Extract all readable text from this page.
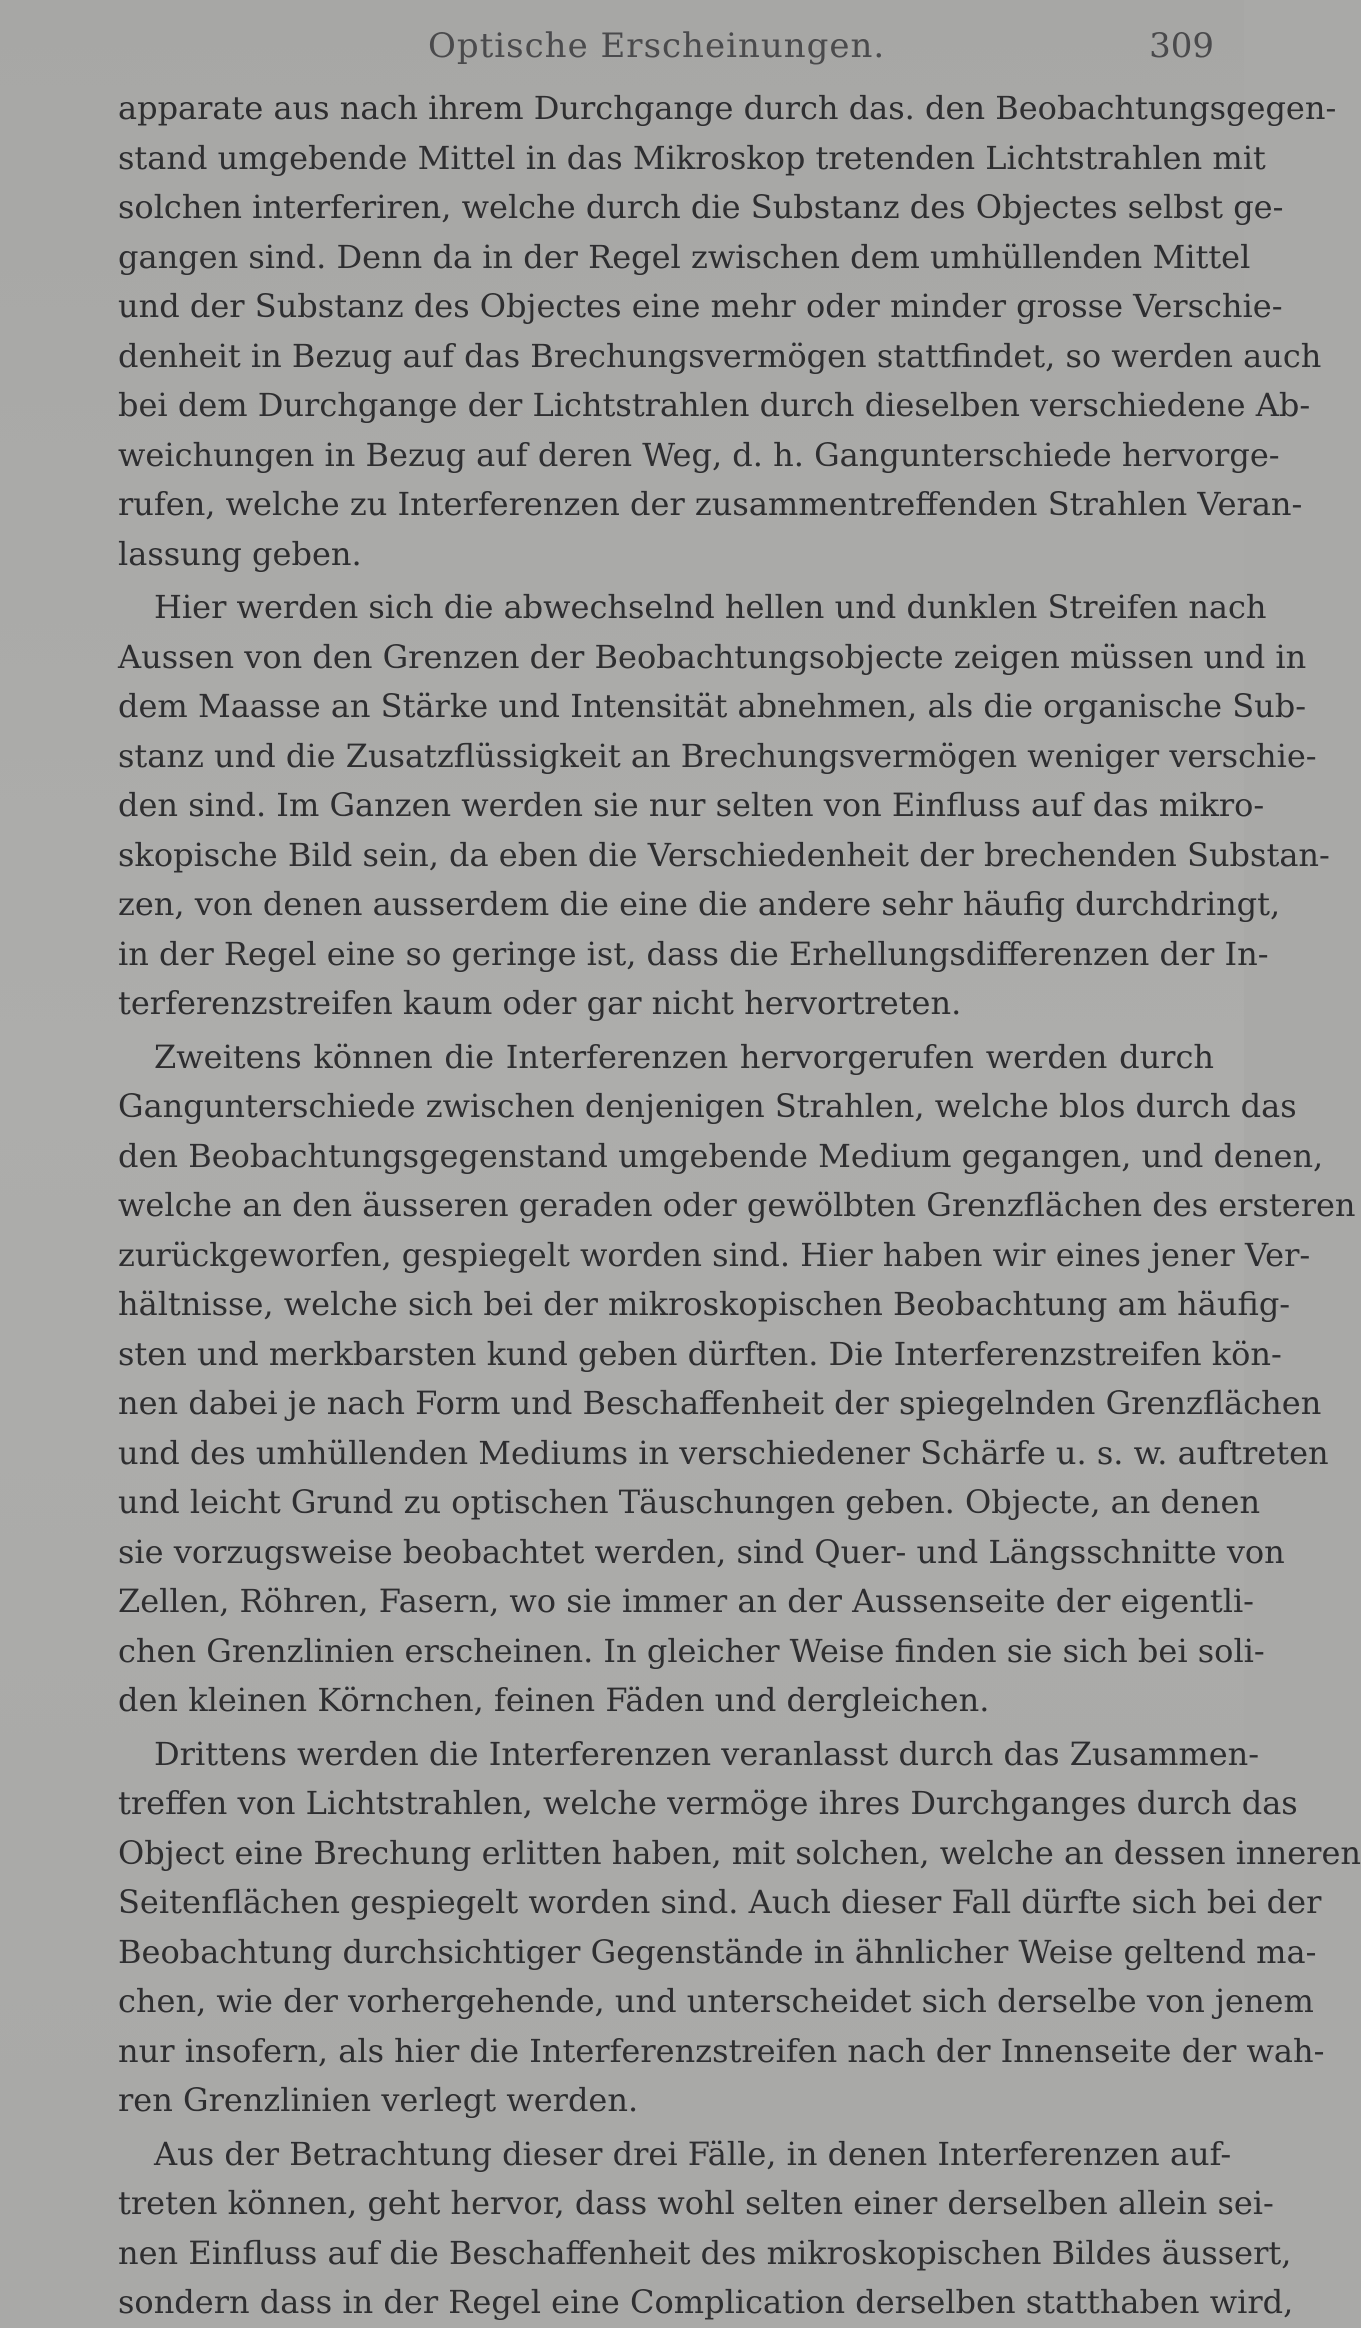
Optische Erscheinungen.	309

apparate aus nach ihrem Durchgange durch das. den Beobachtungsgegen-
stand umgebende Mittel in das Mikroskop tretenden Lichtstrahlen mit
solchen interferiren, welche durch die Substanz des Objectes selbst ge-
gangen sind. Denn da in der Regel zwischen dem umhüllenden Mittel
und der Substanz des Objectes eine mehr oder minder grosse Verschie-
denheit in Bezug auf das Brechungsvermögen stattfindet, so werden auch
bei dem Durchgange der Lichtstrahlen durch dieselben verschiedene Ab-
weichungen in Bezug auf deren Weg, d. h. Gangunterschiede hervorge-
rufen, welche zu Interferenzen der zusammentreffenden Strahlen Veran-
lassung geben.

Hier werden sich die abwechselnd hellen und dunklen Streifen nach
Aussen von den Grenzen der Beobachtungsobjecte zeigen müssen und in
dem Maasse an Stärke und Intensität abnehmen, als die organische Sub-
stanz und die Zusatzflüssigkeit an Brechungsvermögen weniger verschie-
den sind. Im Ganzen werden sie nur selten von Einfluss auf das mikro-
skopische Bild sein, da eben die Verschiedenheit der brechenden Substan-
zen, von denen ausserdem die eine die andere sehr häufig durchdringt,
in der Regel eine so geringe ist, dass die Erhellungsdifferenzen der In-
terferenzstreifen kaum oder gar nicht hervortreten.

Zweitens können die Interferenzen hervorgerufen werden durch
Gangunterschiede zwischen denjenigen Strahlen, welche blos durch das
den Beobachtungsgegenstand umgebende Medium gegangen, und denen,
welche an den äusseren geraden oder gewölbten Grenzflächen des ersteren
zurückgeworfen, gespiegelt worden sind. Hier haben wir eines jener Ver-
hältnisse, welche sich bei der mikroskopischen Beobachtung am häufig-
sten und merkbarsten kund geben dürften. Die Interferenzstreifen kön-
nen dabei je nach Form und Beschaffenheit der spiegelnden Grenzflächen
und des umhüllenden Mediums in verschiedener Schärfe u. s. w. auftreten
und leicht Grund zu optischen Täuschungen geben. Objecte, an denen
sie vorzugsweise beobachtet werden, sind Quer- und Längsschnitte von
Zellen, Röhren, Fasern, wo sie immer an der Aussenseite der eigentli-
chen Grenzlinien erscheinen. In gleicher Weise finden sie sich bei soli-
den kleinen Körnchen, feinen Fäden und dergleichen.

Drittens werden die Interferenzen veranlasst durch das Zusammen-
treffen von Lichtstrahlen, welche vermöge ihres Durchganges durch das
Object eine Brechung erlitten haben, mit solchen, welche an dessen inneren
Seitenflächen gespiegelt worden sind. Auch dieser Fall dürfte sich bei der
Beobachtung durchsichtiger Gegenstände in ähnlicher Weise geltend ma-
chen, wie der vorhergehende, und unterscheidet sich derselbe von jenem
nur insofern, als hier die Interferenzstreifen nach der Innenseite der wah-
ren Grenzlinien verlegt werden.

Aus der Betrachtung dieser drei Fälle, in denen Interferenzen auf-
treten können, geht hervor, dass wohl selten einer derselben allein sei-
nen Einfluss auf die Beschaffenheit des mikroskopischen Bildes äussert,
sondern dass in der Regel eine Complication derselben statthaben wird,
